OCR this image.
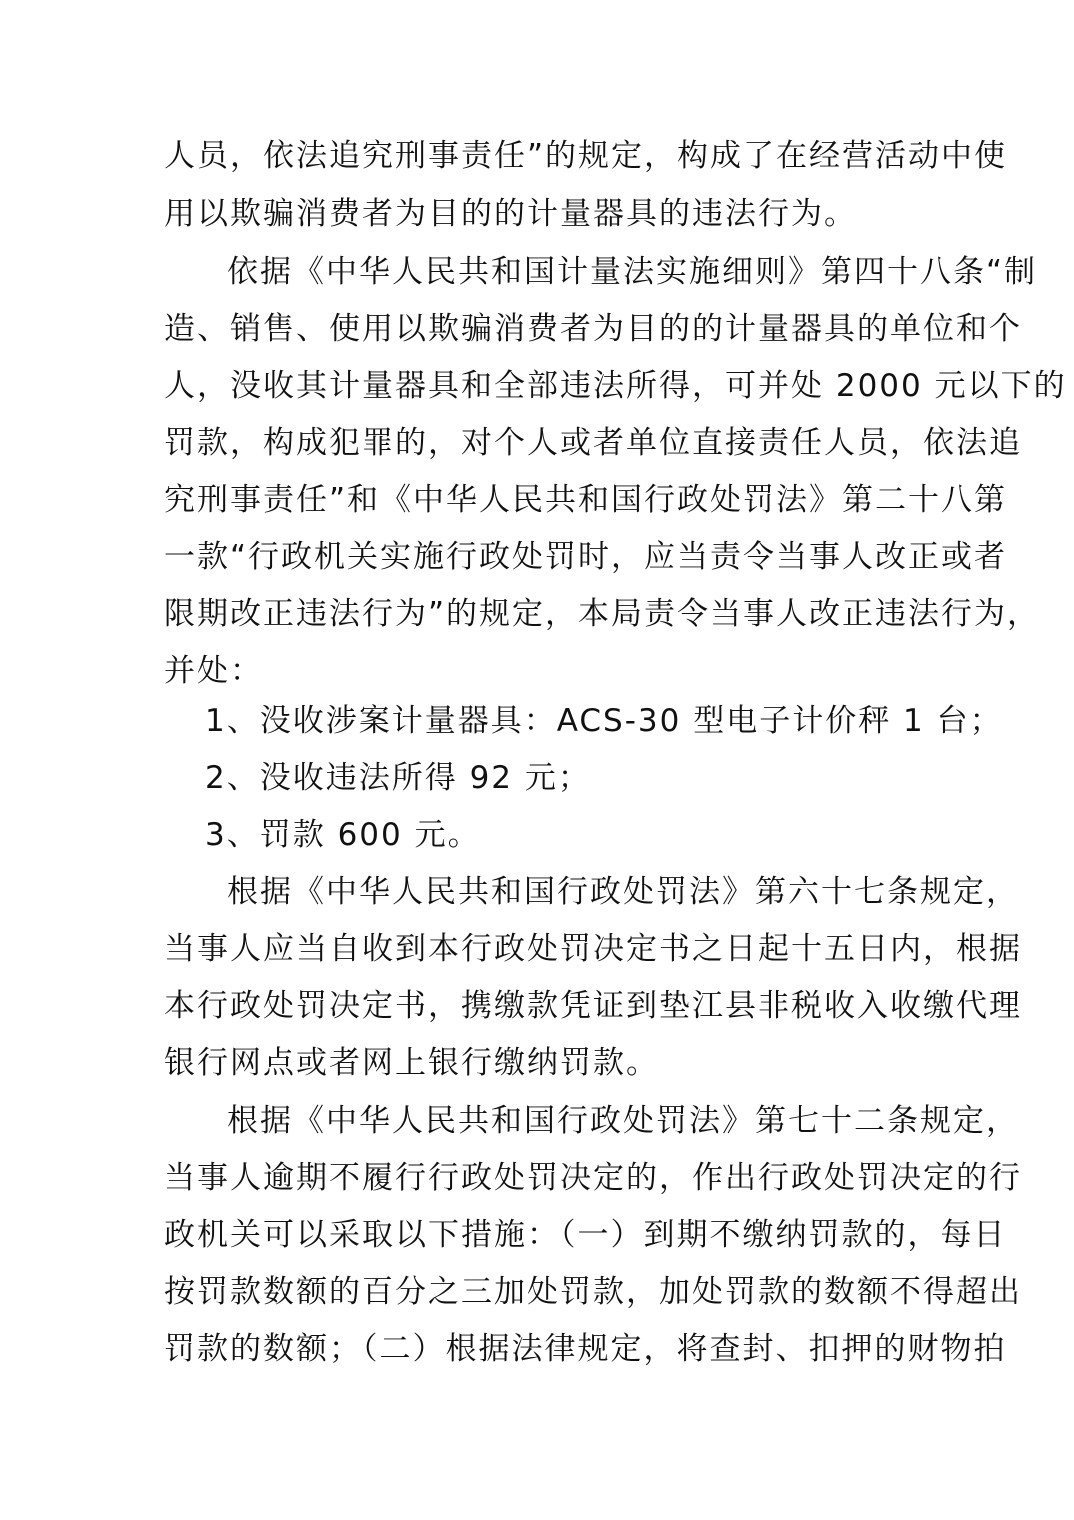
人员，依法追究刑事责任”的规定，构成了在经营活动中使
用以欺骗消费者为目的的计量器具的违法行为。
依据《中华人民共和国计量法实施细则》第四十八条“制
造、销售、使用以欺骗消费者为目的的计量器具的单位和个
人，没收其计量器具和全部违法所得，可并处 2000 元以下的
罚款，构成犯罪的，对个人或者单位直接责任人员，依法追
究刑事责任”和《中华人民共和国行政处罚法》第二十八第
一款“行政机关实施行政处罚时，应当责令当事人改正或者
限期改正违法行为”的规定，本局责令当事人改正违法行为，
并处：
1、没收涉案计量器具：ACS-30 型电子计价秤 1 台；
2、没收违法所得 92 元；
3、罚款 600 元。
根据《中华人民共和国行政处罚法》第六十七条规定，
当事人应当自收到本行政处罚决定书之日起十五日内，根据
本行政处罚决定书，携缴款凭证到垫江县非税收入收缴代理
银行网点或者网上银行缴纳罚款。
根据《中华人民共和国行政处罚法》第七十二条规定，
当事人逾期不履行行政处罚决定的，作出行政处罚决定的行
政机关可以采取以下措施：（一）到期不缴纳罚款的，每日
按罚款数额的百分之三加处罚款，加处罚款的数额不得超出
罚款的数额；（二）根据法律规定，将查封、扣押的财物拍
